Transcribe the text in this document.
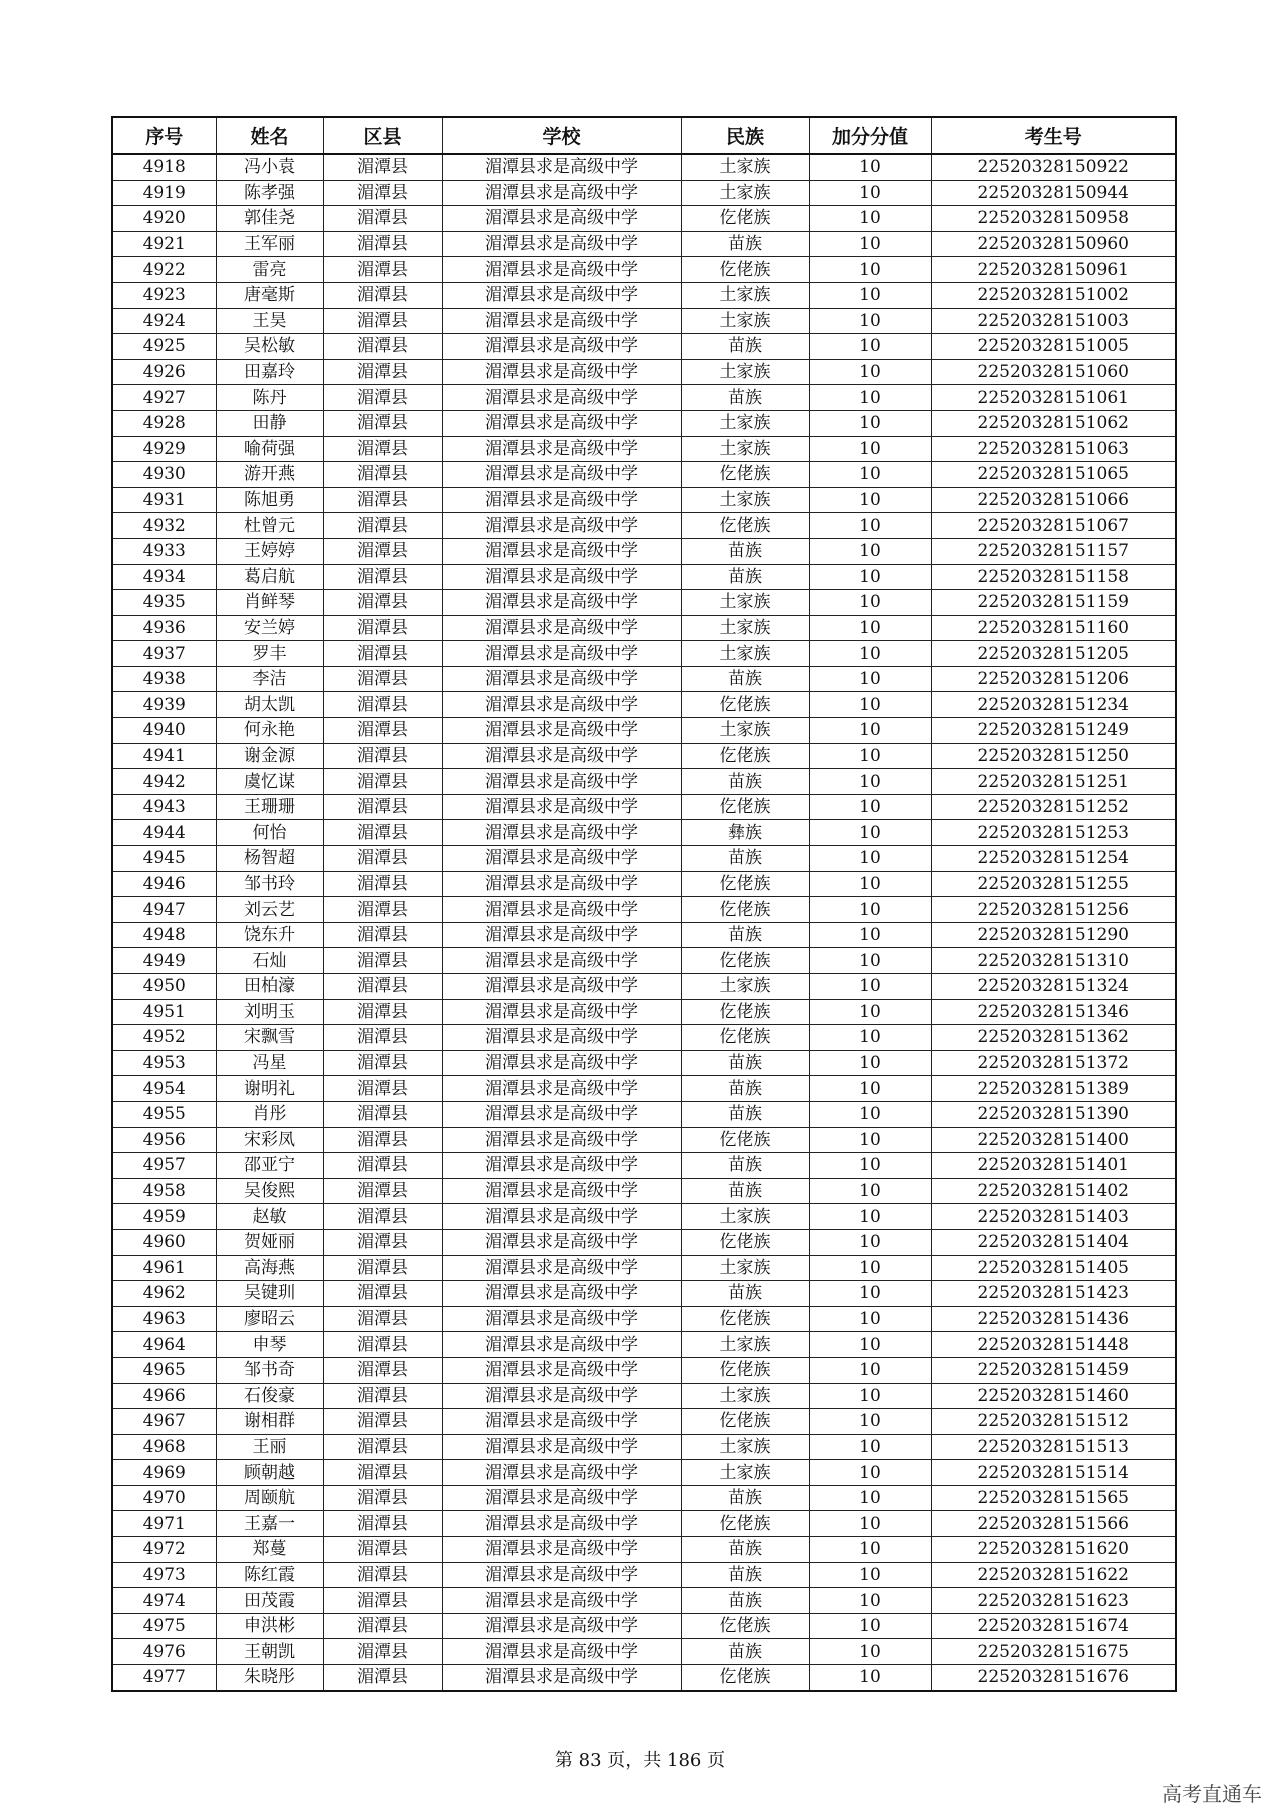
序号	姓名	区县	学校	民族	加分分值	考生号
4918	冯小袁	湄潭县	湄潭县求是高级中学	土家族	10	22520328150922
4919	陈孝强	湄潭县	湄潭县求是高级中学	土家族	10	22520328150944
4920	郭佳尧	湄潭县	湄潭县求是高级中学	仡佬族	10	22520328150958
4921	王军丽	湄潭县	湄潭县求是高级中学	苗族	10	22520328150960
4922	雷亮	湄潭县	湄潭县求是高级中学	仡佬族	10	22520328150961
4923	唐毫斯	湄潭县	湄潭县求是高级中学	土家族	10	22520328151002
4924	王昊	湄潭县	湄潭县求是高级中学	土家族	10	22520328151003
4925	吴松敏	湄潭县	湄潭县求是高级中学	苗族	10	22520328151005
4926	田嘉玲	湄潭县	湄潭县求是高级中学	土家族	10	22520328151060
4927	陈丹	湄潭县	湄潭县求是高级中学	苗族	10	22520328151061
4928	田静	湄潭县	湄潭县求是高级中学	土家族	10	22520328151062
4929	喻荷强	湄潭县	湄潭县求是高级中学	土家族	10	22520328151063
4930	游开燕	湄潭县	湄潭县求是高级中学	仡佬族	10	22520328151065
4931	陈旭勇	湄潭县	湄潭县求是高级中学	土家族	10	22520328151066
4932	杜曾元	湄潭县	湄潭县求是高级中学	仡佬族	10	22520328151067
4933	王婷婷	湄潭县	湄潭县求是高级中学	苗族	10	22520328151157
4934	葛启航	湄潭县	湄潭县求是高级中学	苗族	10	22520328151158
4935	肖鲜琴	湄潭县	湄潭县求是高级中学	土家族	10	22520328151159
4936	安兰婷	湄潭县	湄潭县求是高级中学	土家族	10	22520328151160
4937	罗丰	湄潭县	湄潭县求是高级中学	土家族	10	22520328151205
4938	李洁	湄潭县	湄潭县求是高级中学	苗族	10	22520328151206
4939	胡太凯	湄潭县	湄潭县求是高级中学	仡佬族	10	22520328151234
4940	何永艳	湄潭县	湄潭县求是高级中学	土家族	10	22520328151249
4941	谢金源	湄潭县	湄潭县求是高级中学	仡佬族	10	22520328151250
4942	虞忆谋	湄潭县	湄潭县求是高级中学	苗族	10	22520328151251
4943	王珊珊	湄潭县	湄潭县求是高级中学	仡佬族	10	22520328151252
4944	何怡	湄潭县	湄潭县求是高级中学	彝族	10	22520328151253
4945	杨智超	湄潭县	湄潭县求是高级中学	苗族	10	22520328151254
4946	邹书玲	湄潭县	湄潭县求是高级中学	仡佬族	10	22520328151255
4947	刘云艺	湄潭县	湄潭县求是高级中学	仡佬族	10	22520328151256
4948	饶东升	湄潭县	湄潭县求是高级中学	苗族	10	22520328151290
4949	石灿	湄潭县	湄潭县求是高级中学	仡佬族	10	22520328151310
4950	田柏濠	湄潭县	湄潭县求是高级中学	土家族	10	22520328151324
4951	刘明玉	湄潭县	湄潭县求是高级中学	仡佬族	10	22520328151346
4952	宋飘雪	湄潭县	湄潭县求是高级中学	仡佬族	10	22520328151362
4953	冯星	湄潭县	湄潭县求是高级中学	苗族	10	22520328151372
4954	谢明礼	湄潭县	湄潭县求是高级中学	苗族	10	22520328151389
4955	肖彤	湄潭县	湄潭县求是高级中学	苗族	10	22520328151390
4956	宋彩凤	湄潭县	湄潭县求是高级中学	仡佬族	10	22520328151400
4957	邵亚宁	湄潭县	湄潭县求是高级中学	苗族	10	22520328151401
4958	吴俊熙	湄潭县	湄潭县求是高级中学	苗族	10	22520328151402
4959	赵敏	湄潭县	湄潭县求是高级中学	土家族	10	22520328151403
4960	贺娅丽	湄潭县	湄潭县求是高级中学	仡佬族	10	22520328151404
4961	高海燕	湄潭县	湄潭县求是高级中学	土家族	10	22520328151405
4962	吴键玔	湄潭县	湄潭县求是高级中学	苗族	10	22520328151423
4963	廖昭云	湄潭县	湄潭县求是高级中学	仡佬族	10	22520328151436
4964	申琴	湄潭县	湄潭县求是高级中学	土家族	10	22520328151448
4965	邹书奇	湄潭县	湄潭县求是高级中学	仡佬族	10	22520328151459
4966	石俊豪	湄潭县	湄潭县求是高级中学	土家族	10	22520328151460
4967	谢相群	湄潭县	湄潭县求是高级中学	仡佬族	10	22520328151512
4968	王丽	湄潭县	湄潭县求是高级中学	土家族	10	22520328151513
4969	顾朝越	湄潭县	湄潭县求是高级中学	土家族	10	22520328151514
4970	周颐航	湄潭县	湄潭县求是高级中学	苗族	10	22520328151565
4971	王嘉一	湄潭县	湄潭县求是高级中学	仡佬族	10	22520328151566
4972	郑蔓	湄潭县	湄潭县求是高级中学	苗族	10	22520328151620
4973	陈红霞	湄潭县	湄潭县求是高级中学	苗族	10	22520328151622
4974	田茂霞	湄潭县	湄潭县求是高级中学	苗族	10	22520328151623
4975	申洪彬	湄潭县	湄潭县求是高级中学	仡佬族	10	22520328151674
4976	王朝凯	湄潭县	湄潭县求是高级中学	苗族	10	22520328151675
4977	朱晓彤	湄潭县	湄潭县求是高级中学	仡佬族	10	22520328151676
第 83 页，共 186 页
高考直通车
